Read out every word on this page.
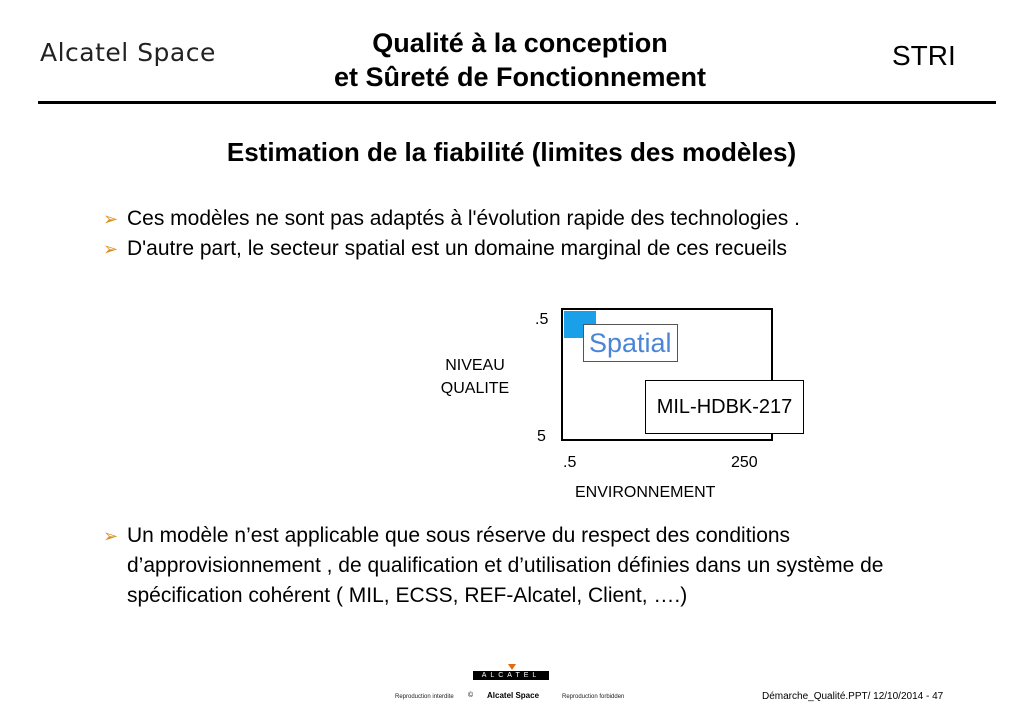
Alcatel Space	Qualité à la conception
et Sûreté de Fonctionnement
STRI
Estimation de la fiabilité (limites des modèles)
➢ Ces modèles ne sont pas adaptés à l'évolution rapide des technologies .
➢ D'autre part, le secteur spatial est un domaine marginal de ces recueils
NIVEAU
QUALITE
.5
5
Spatial
MIL-HDBK-217
.5	250
ENVIRONNEMENT
➢ Un modèle n’est applicable que sous réserve du respect des conditions d’approvisionnement , de qualification et d’utilisation définies dans un système de spécification cohérent ( MIL, ECSS, REF-Alcatel, Client, ….)
ALCATEL
Reproduction interdite © Alcatel Space	Reproduction forbidden	Démarche_Qualité.PPT/ 12/10/2014 - 47
